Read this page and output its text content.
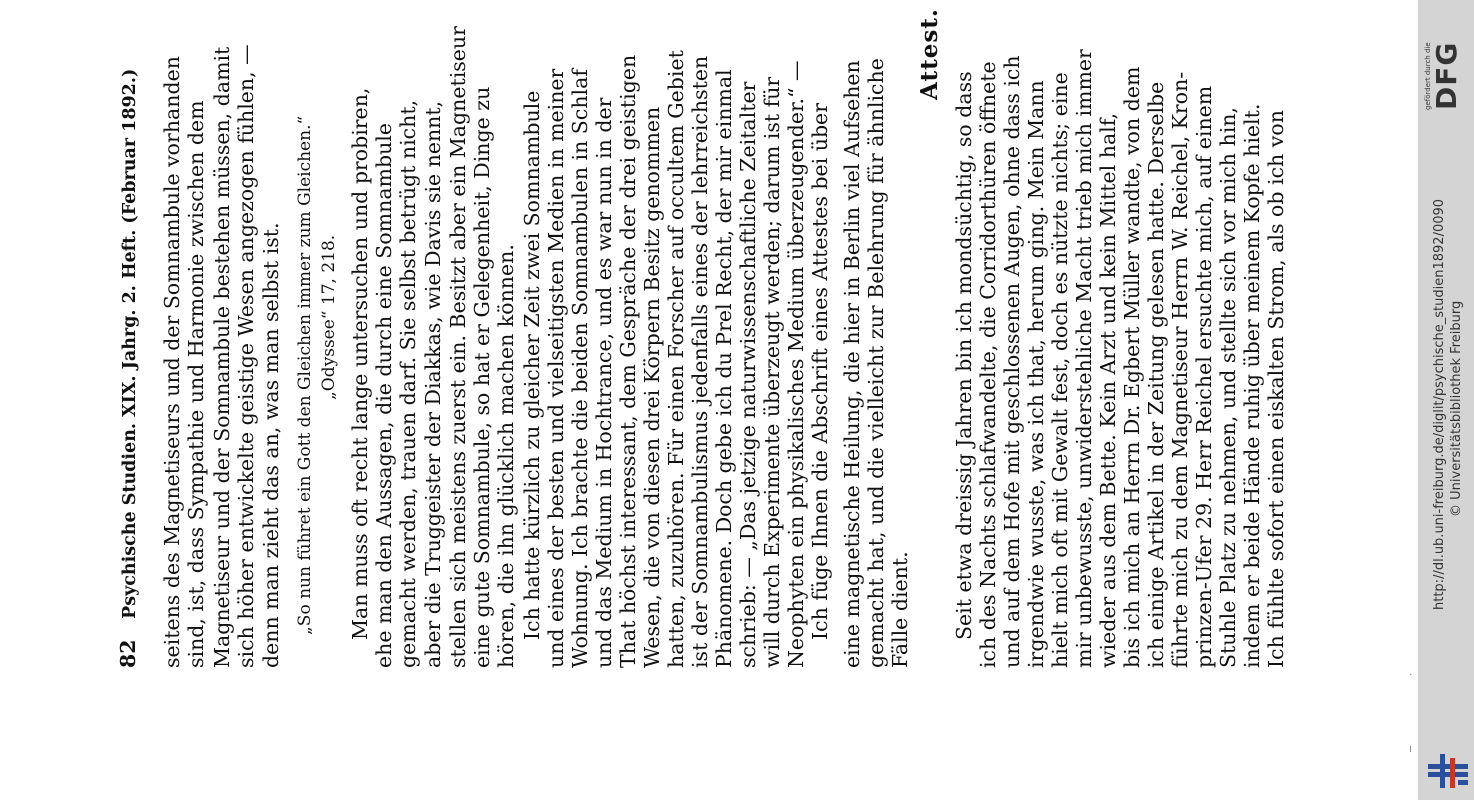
82 Psychische Studien. XIX. Jahrg. 2. Heft. (Februar 1892.) seitens des Magnetiseurs und der Somnambule vorhanden sind, ist, dass Sympathie und Harmonie zwischen dem Magnetiseur und der Somnambule bestehen müssen, damit sich höher entwickelte geistige Wesen angezogen fühlen, — denn man zieht das an, was man selbst ist. „So nun führet ein Gott den Gleichen immer zum Gleichen.“ „Odyssee“ 17, 218. Man muss oft recht lange untersuchen und probiren, ehe man den Aussagen, die durch eine Somnambule gemacht werden, trauen darf. Sie selbst betrügt nicht, aber die Truggeister der Diakkas, wie Davis sie nennt, stellen sich meistens zuerst ein. Besitzt aber ein Magnetiseur eine gute Somnambule, so hat er Gelegenheit, Dinge zu hören, die ihn glücklich machen können. Ich hatte kürzlich zu gleicher Zeit zwei Somnambule und eines der besten und vielseitigsten Medien in meiner Wohnung. Ich brachte die beiden Somnambulen in Schlaf und das Medium in Hochtrance, und es war nun in der That höchst interessant, dem Gespräche der drei geistigen Wesen, die von diesen drei Körpern Besitz genommen hatten, zuzuhören. Für einen Forscher auf occultem Gebiet ist der Somnambulismus jedenfalls eines der lehrreichsten Phänomene. Doch gebe ich du Prel Recht, der mir einmal schrieb: — „Das jetzige naturwissenschaftliche Zeitalter will durch Experimente überzeugt werden; darum ist für Neophyten ein physikalisches Medium überzeugender.“ — Ich füge Ihnen die Abschrift eines Attestes bei über eine magnetische Heilung, die hier in Berlin viel Aufsehen gemacht hat, und die vielleicht zur Belehrung für ähnliche Fälle dient.
Attest.
Seit etwa dreissig Jahren bin ich mondsüchtig, so dass ich des Nachts schlafwandelte, die Corridorthüren öffnete und auf dem Hofe mit geschlossenen Augen, ohne dass ich irgendwie wusste, was ich that, herum ging. Mein Mann hielt mich oft mit Gewalt fest, doch es nützte nichts; eine mir unbewusste, unwiderstehliche Macht trieb mich immer wieder aus dem Bette. Kein Arzt und kein Mittel half, bis ich mich an Herrn Dr. Egbert Müller wandte, von dem ich einige Artikel in der Zeitung gelesen hatte. Derselbe führte mich zu dem Magnetiseur Herrn W. Reichel, Kron- prinzen-Ufer 29. Herr Reichel ersuchte mich, auf einem Stuhle Platz zu nehmen, und stellte sich vor mich hin, indem er beide Hände ruhig über meinem Kopfe hielt. Ich fühlte sofort einen eiskalten Strom, als ob ich von
·
ı
http://dl.ub.uni-freiburg.de/diglit/psychische_studien1892/0090 © Universitätsbibliothek Freiburg
gefördert durch die
DFG
